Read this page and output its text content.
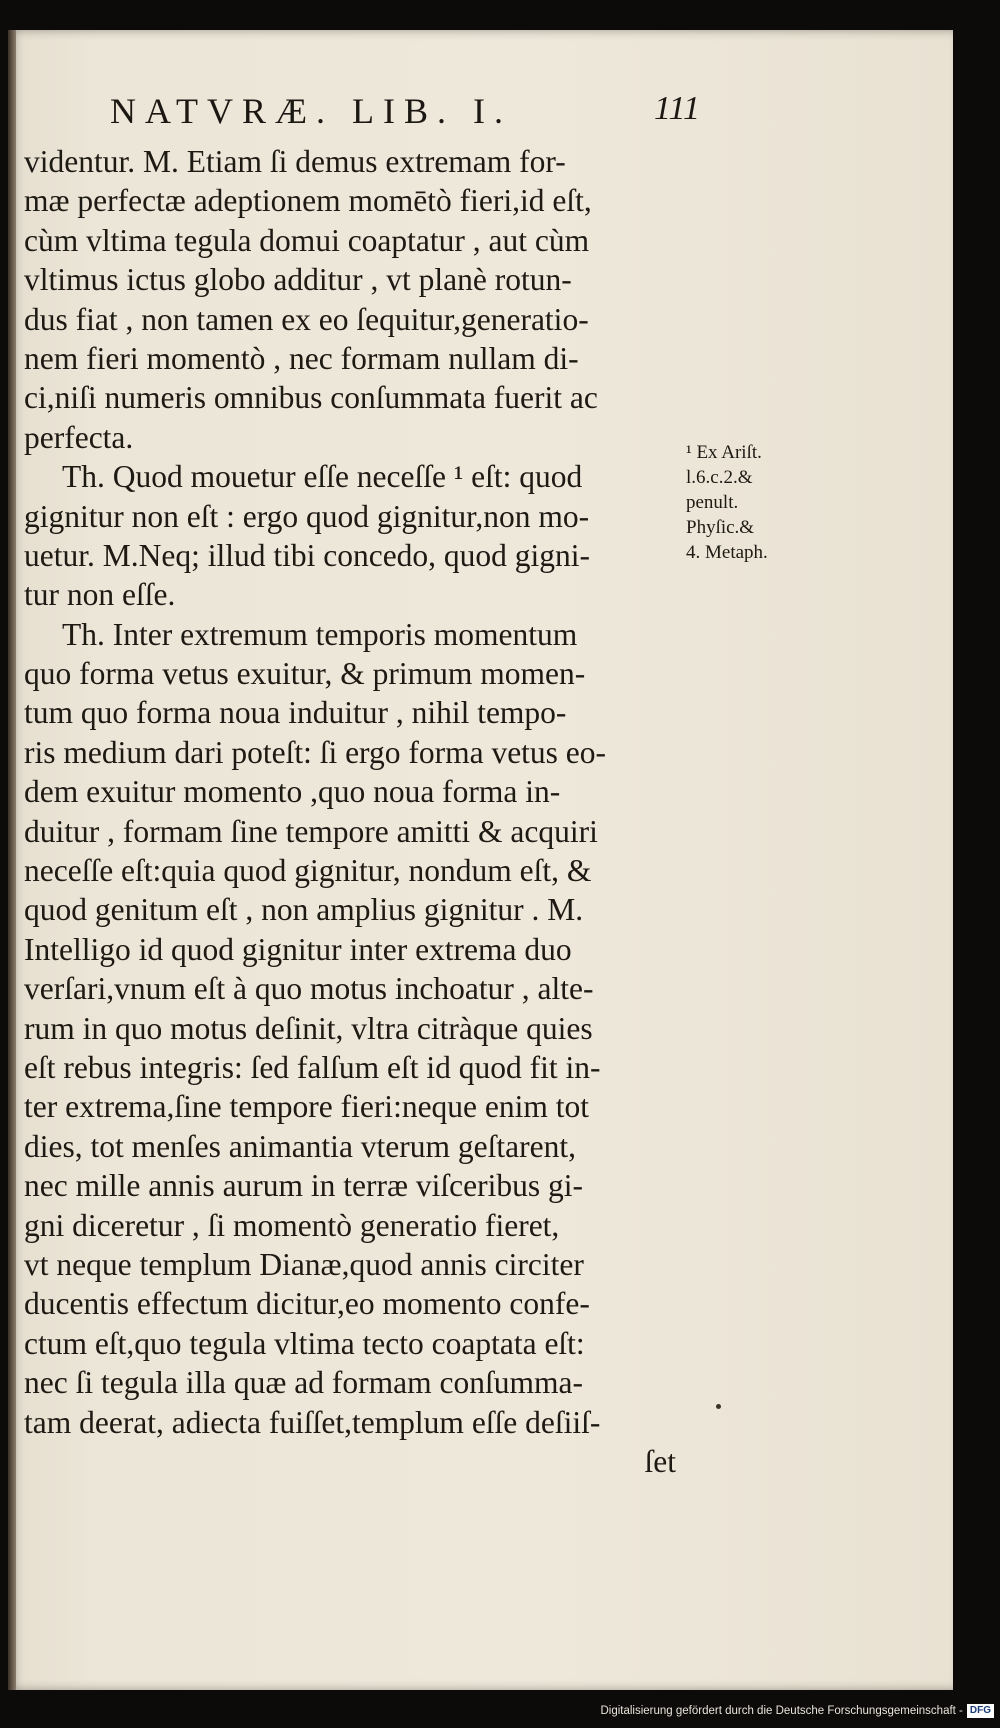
NATVRÆ. LIB. I.	111
videntur. M. Etiam ſi demus extremam for-
mæ perfectæ adeptionem momētò fieri,id eſt,
cùm vltima tegula domui coaptatur , aut cùm
vltimus ictus globo additur , vt planè rotun-
dus fiat , non tamen ex eo ſequitur,generatio-
nem fieri momentò , nec formam nullam di-
ci,niſi numeris omnibus conſummata fuerit ac
perfecta.
Th. Quod mouetur eſſe neceſſe ¹ eſt: quod
gignitur non eſt : ergo quod gignitur,non mo-
uetur. M.Neq; illud tibi concedo, quod gigni-
tur non eſſe.
Th. Inter extremum temporis momentum
quo forma vetus exuitur, & primum momen-
tum quo forma noua induitur , nihil tempo-
ris medium dari poteſt: ſi ergo forma vetus eo-
dem exuitur momento ,quo noua forma in-
duitur , formam ſine tempore amitti & acquiri
neceſſe eſt:quia quod gignitur, nondum eſt, &
quod genitum eſt , non amplius gignitur . M.
Intelligo id quod gignitur inter extrema duo
verſari,vnum eſt à quo motus inchoatur , alte-
rum in quo motus deſinit, vltra citràque quies
eſt rebus integris: ſed falſum eſt id quod fit in-
ter extrema,ſine tempore fieri:neque enim tot
dies, tot menſes animantia vterum geſtarent,
nec mille annis aurum in terræ viſceribus gi-
gni diceretur , ſi momentò generatio fieret,
vt neque templum Dianæ,quod annis circiter
ducentis effectum dicitur,eo momento confe-
ctum eſt,quo tegula vltima tecto coaptata eſt:
nec ſi tegula illa quæ ad formam conſumma-
tam deerat, adiecta fuiſſet,templum eſſe deſiiſ-
ſet
¹ Ex Ariſt.
l.6.c.2.&
penult.
Phyſic.&
4. Metaph.
Digitalisierung gefördert durch die Deutsche Forschungsgemeinschaft - DFG
